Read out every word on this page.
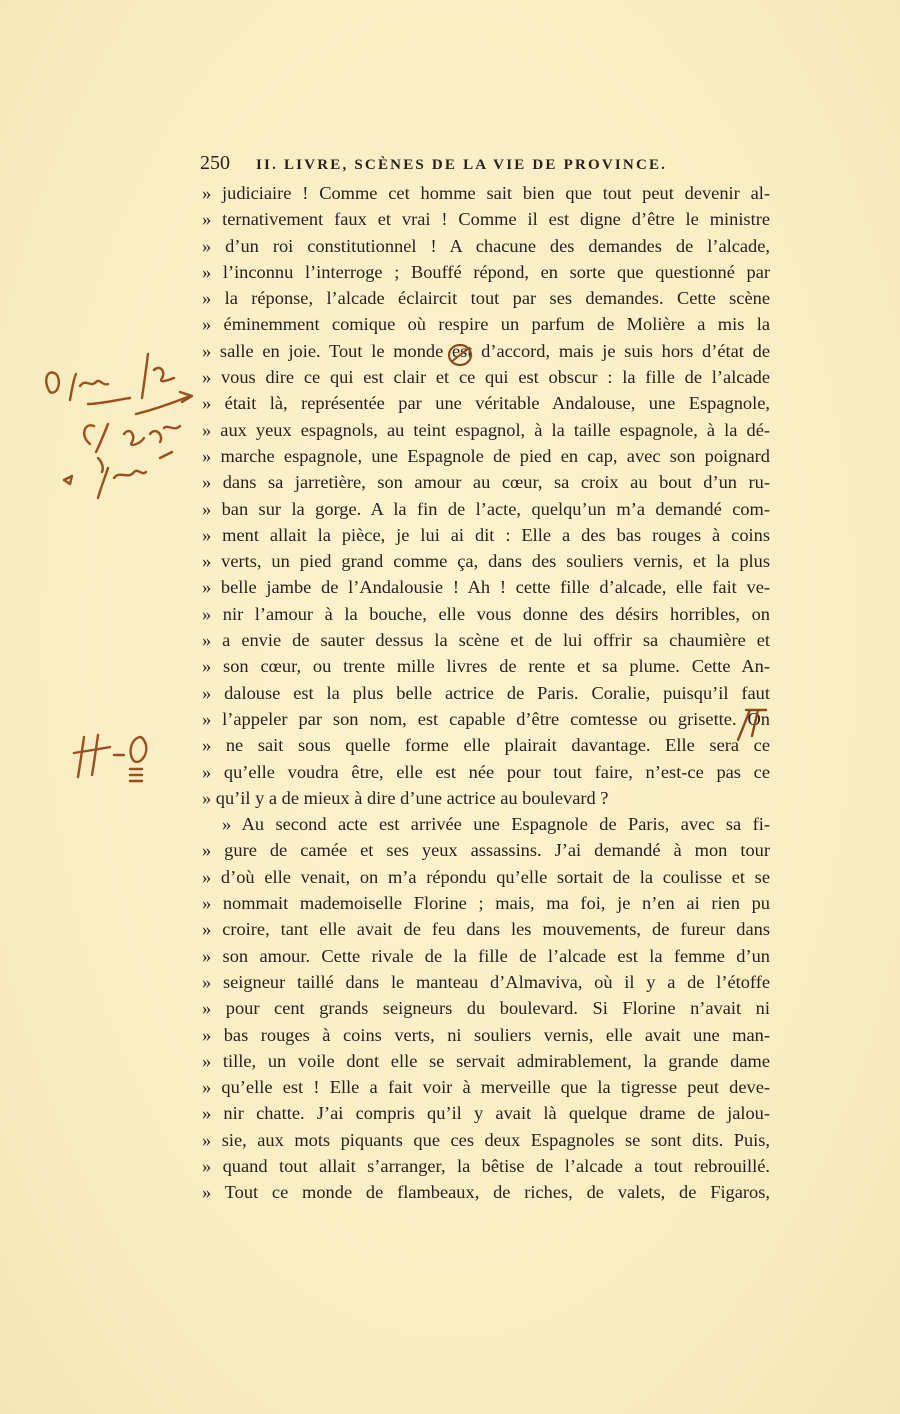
250 II. LIVRE, SCÈNES DE LA VIE DE PROVINCE.
» judiciaire ! Comme cet homme sait bien que tout peut devenir al-
» ternativement faux et vrai ! Comme il est digne d’être le ministre
» d’un roi constitutionnel ! A chacune des demandes de l’alcade,
» l’inconnu l’interroge ; Bouffé répond, en sorte que questionné par
» la réponse, l’alcade éclaircit tout par ses demandes. Cette scène
» éminemment comique où respire un parfum de Molière a mis la
» salle en joie. Tout le monde est d’accord, mais je suis hors d’état de
» vous dire ce qui est clair et ce qui est obscur : la fille de l’alcade
» était là, représentée par une véritable Andalouse, une Espagnole,
» aux yeux espagnols, au teint espagnol, à la taille espagnole, à la dé-
» marche espagnole, une Espagnole de pied en cap, avec son poignard
» dans sa jarretière, son amour au cœur, sa croix au bout d’un ru-
» ban sur la gorge. A la fin de l’acte, quelqu’un m’a demandé com-
» ment allait la pièce, je lui ai dit : Elle a des bas rouges à coins
» verts, un pied grand comme ça, dans des souliers vernis, et la plus
» belle jambe de l’Andalousie ! Ah ! cette fille d’alcade, elle fait ve-
» nir l’amour à la bouche, elle vous donne des désirs horribles, on
» a envie de sauter dessus la scène et de lui offrir sa chaumière et
» son cœur, ou trente mille livres de rente et sa plume. Cette An-
» dalouse est la plus belle actrice de Paris. Coralie, puisqu’il faut
» l’appeler par son nom, est capable d’être comtesse ou grisette. On
» ne sait sous quelle forme elle plairait davantage. Elle sera ce
» qu’elle voudra être, elle est née pour tout faire, n’est-ce pas ce
» qu’il y a de mieux à dire d’une actrice au boulevard ?
» Au second acte est arrivée une Espagnole de Paris, avec sa fi-
» gure de camée et ses yeux assassins. J’ai demandé à mon tour
» d’où elle venait, on m’a répondu qu’elle sortait de la coulisse et se
» nommait mademoiselle Florine ; mais, ma foi, je n’en ai rien pu
» croire, tant elle avait de feu dans les mouvements, de fureur dans
» son amour. Cette rivale de la fille de l’alcade est la femme d’un
» seigneur taillé dans le manteau d’Almaviva, où il y a de l’étoffe
» pour cent grands seigneurs du boulevard. Si Florine n’avait ni
» bas rouges à coins verts, ni souliers vernis, elle avait une man-
» tille, un voile dont elle se servait admirablement, la grande dame
» qu’elle est ! Elle a fait voir à merveille que la tigresse peut deve-
» nir chatte. J’ai compris qu’il y avait là quelque drame de jalou-
» sie, aux mots piquants que ces deux Espagnoles se sont dits. Puis,
» quand tout allait s’arranger, la bêtise de l’alcade a tout rebrouillé.
» Tout ce monde de flambeaux, de riches, de valets, de Figaros,
